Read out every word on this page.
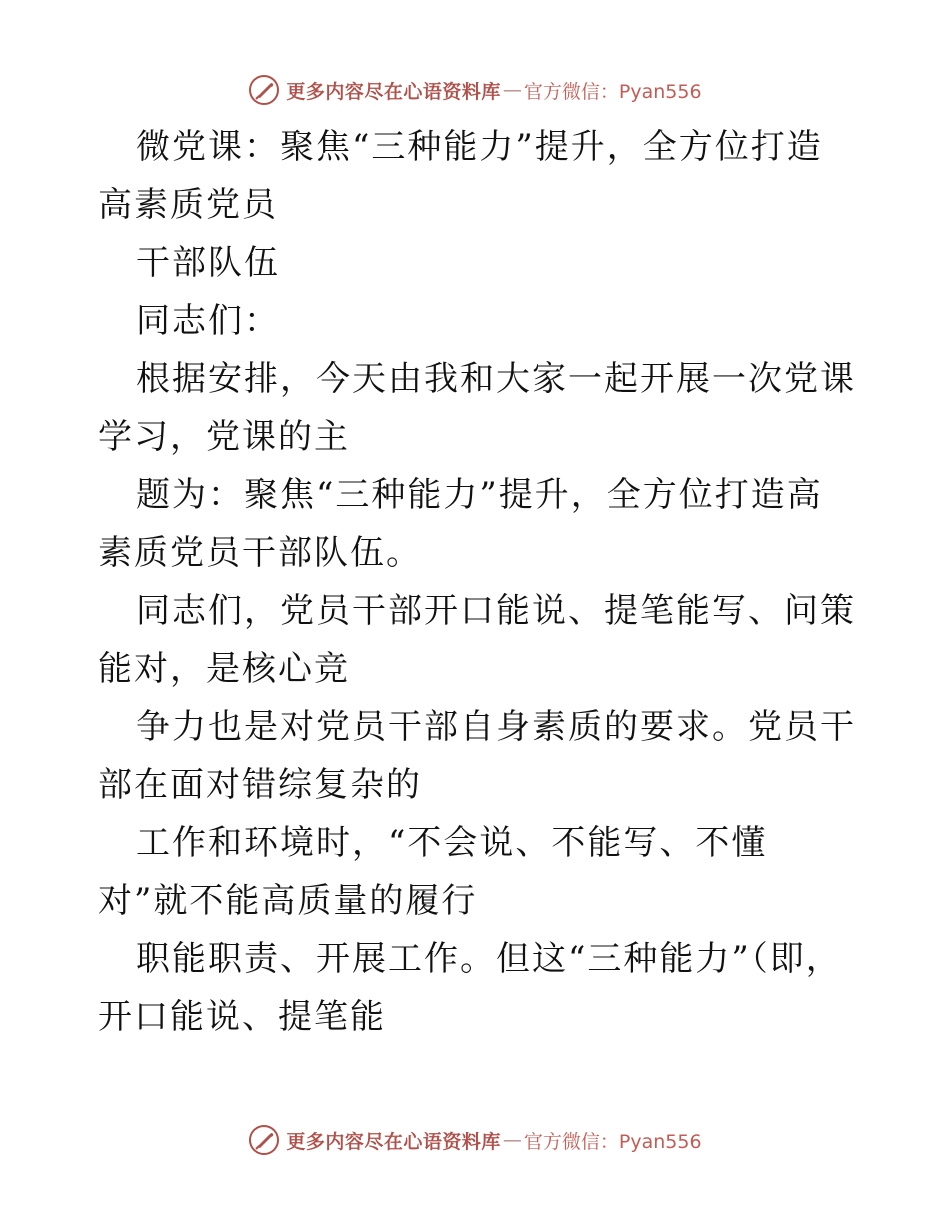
更多内容尽在心语资料库 — 官方微信：Pyan556

微党课：聚焦“三种能力”提升，全方位打造高素质党员

干部队伍

同志们：

根据安排，今天由我和大家一起开展一次党课学习，党课的主

题为：聚焦“三种能力”提升，全方位打造高素质党员干部队伍。

同志们，党员干部开口能说、提笔能写、问策能对，是核心竞

争力也是对党员干部自身素质的要求。党员干部在面对错综复杂的

工作和环境时，“不会说、不能写、不懂对”就不能高质量的履行

职能职责、开展工作。但这“三种能力”（即，开口能说、提笔能

更多内容尽在心语资料库 — 官方微信：Pyan556
